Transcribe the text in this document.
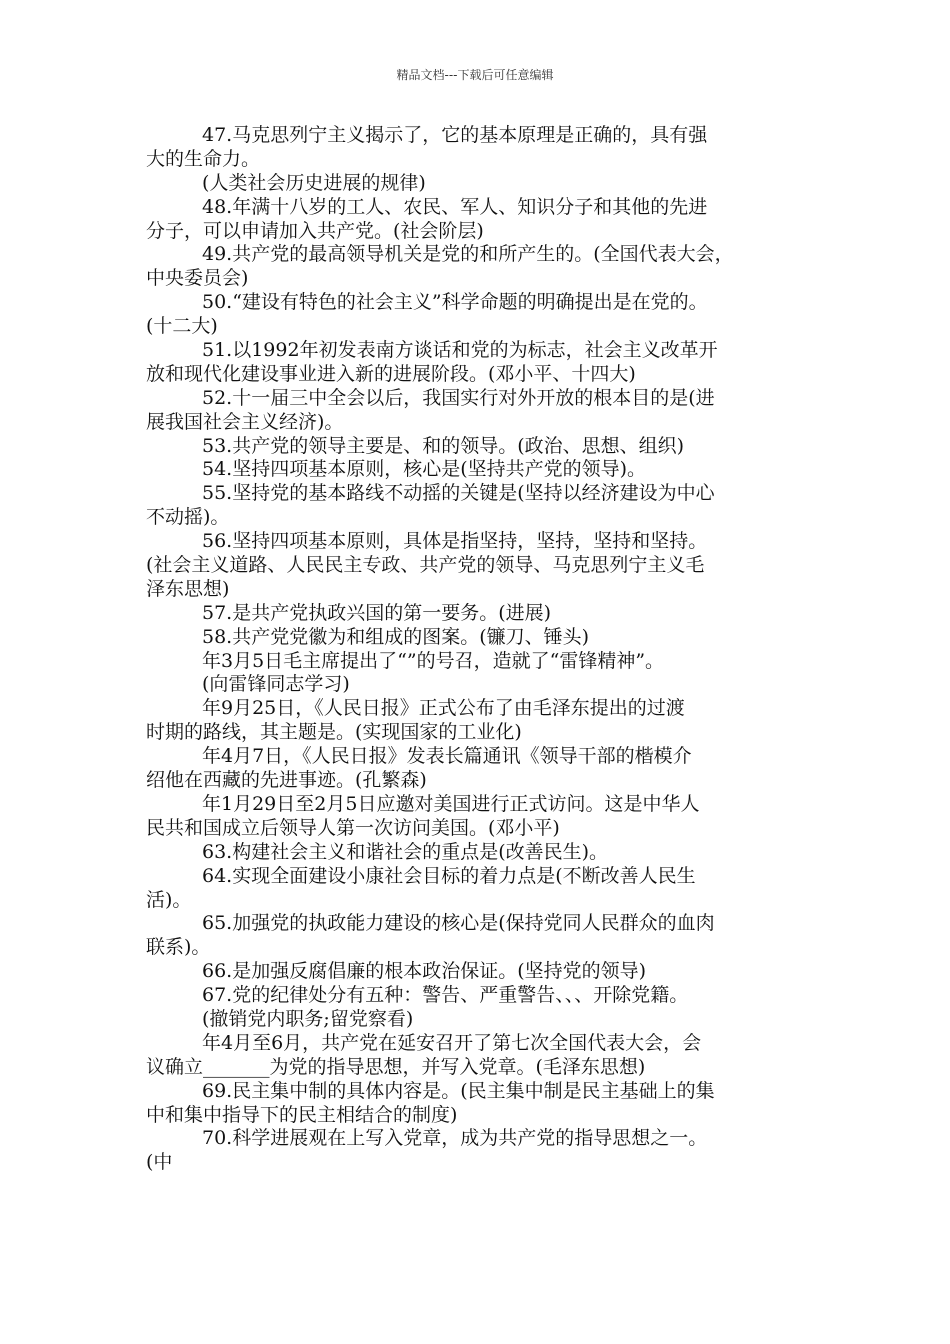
精品文档---下载后可任意编辑
47.马克思列宁主义揭示了，它的基本原理是正确的，具有强
大的生命力。
(人类社会历史进展的规律)
48.年满十八岁的工人、农民、军人、知识分子和其他的先进
分子，可以申请加入共产党。(社会阶层)
49.共产党的最高领导机关是党的和所产生的。(全国代表大会，
中央委员会)
50.“建设有特色的社会主义”科学命题的明确提出是在党的。
(十二大)
51.以1992年初发表南方谈话和党的为标志，社会主义改革开
放和现代化建设事业进入新的进展阶段。(邓小平、十四大)
52.十一届三中全会以后，我国实行对外开放的根本目的是(进
展我国社会主义经济)。
53.共产党的领导主要是、和的领导。(政治、思想、组织)
54.坚持四项基本原则，核心是(坚持共产党的领导)。
55.坚持党的基本路线不动摇的关键是(坚持以经济建设为中心
不动摇)。
56.坚持四项基本原则，具体是指坚持，坚持，坚持和坚持。
(社会主义道路、人民民主专政、共产党的领导、马克思列宁主义毛
泽东思想)
57.是共产党执政兴国的第一要务。(进展)
58.共产党党徽为和组成的图案。(镰刀、锤头)
年3月5日毛主席提出了“”的号召，造就了“雷锋精神”。
(向雷锋同志学习)
年9月25日，《人民日报》正式公布了由毛泽东提出的过渡
时期的路线，其主题是。(实现国家的工业化)
年4月7日，《人民日报》发表长篇通讯《领导干部的楷模介
绍他在西藏的先进事迹。(孔繁森)
年1月29日至2月5日应邀对美国进行正式访问。这是中华人
民共和国成立后领导人第一次访问美国。(邓小平)
63.构建社会主义和谐社会的重点是(改善民生)。
64.实现全面建设小康社会目标的着力点是(不断改善人民生
活)。
65.加强党的执政能力建设的核心是(保持党同人民群众的血肉
联系)。
66.是加强反腐倡廉的根本政治保证。(坚持党的领导)
67.党的纪律处分有五种：警告、严重警告、、、开除党籍。
(撤销党内职务;留党察看)
年4月至6月，共产党在延安召开了第七次全国代表大会，会
议确立_______为党的指导思想，并写入党章。(毛泽东思想)
69.民主集中制的具体内容是。(民主集中制是民主基础上的集
中和集中指导下的民主相结合的制度)
70.科学进展观在上写入党章，成为共产党的指导思想之一。
(中
